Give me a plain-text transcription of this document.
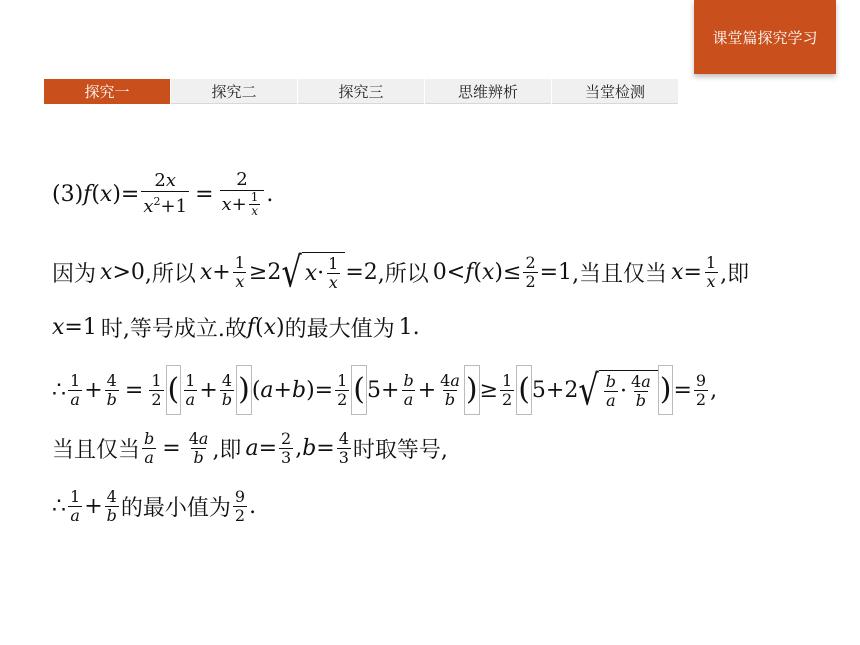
课堂篇探究学习
探究一	探究二	探究三	思维辨析	当堂检测
(3) f ( x )= $\frac{2x}{x^2+1} = \frac{2}{x + \frac{1}{x}}$ .
因为 x >0 ,所以 $x + \frac{1}{x} \ge 2$ √ $x \cdot \frac{1}{x} =2$ ,所以 0< f ( x )≤ $\frac{2}{2} =1$ ,当且仅当 $x = \frac{1}{x}$ ,即
x =1 时,等号成立.故 f ( x ) 的最大值为 1.
∴ $\frac{1}{a} + \frac{4}{b} = \frac{1}{2}$ ( $\frac{1}{a} + \frac{4}{b}$ ) ( a + b )= $\frac{1}{2}$ ( $5+ \frac{b}{a} + \frac{4a}{b}$ ) ≥ $\frac{1}{2}$ ( 5+2 √ $\frac{b}{a} \cdot \frac{4a}{b}$ ) = $\frac{9}{2}$ ,
当且仅当 $\frac{b}{a} = \frac{4a}{b}$ ,即 $a = \frac{2}{3}$ , $b = \frac{4}{3}$ 时取等号,
∴ $\frac{1}{a} + \frac{4}{b}$ 的最小值为 $\frac{9}{2}$ .
